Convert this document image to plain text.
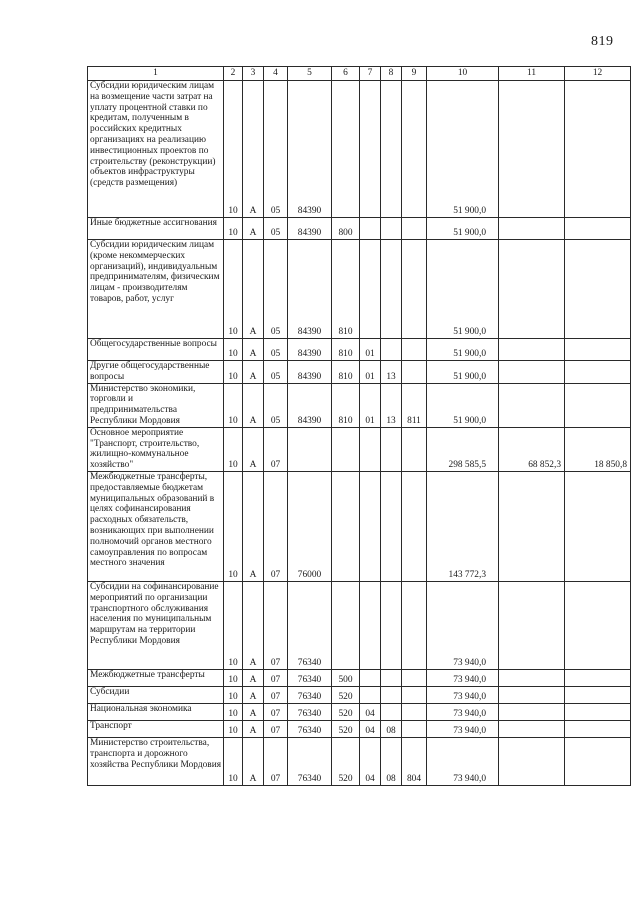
819
1	2	3	4	5	6	7	8	9	10	11	12
Субсидии юридическим лицам на возмещение части затрат на уплату процентной ставки по кредитам, полученным в российских кредитных организациях на реализацию инвестиционных проектов по строительству (реконструкции) объектов инфраструктуры (средств размещения)	10	А	05	84390					51 900,0		
Иные бюджетные ассигнования	10	А	05	84390	800				51 900,0		
Субсидии юридическим лицам (кроме некоммерческих организаций), индивидуальным предпринимателям, физическим лицам - производителям товаров, работ, услуг	10	А	05	84390	810				51 900,0		
Общегосударственные вопросы	10	А	05	84390	810	01			51 900,0		
Другие общегосударственные вопросы	10	А	05	84390	810	01	13		51 900,0		
Министерство экономики, торговли и предпринимательства Республики Мордовия	10	А	05	84390	810	01	13	811	51 900,0		
Основное мероприятие "Транспорт, строительство, жилищно-коммунальное хозяйство"	10	А	07						298 585,5	68 852,3	18 850,8
Межбюджетные трансферты, предоставляемые бюджетам муниципальных образований в целях софинансирования расходных обязательств, возникающих при выполнении полномочий органов местного самоуправления по вопросам местного значения	10	А	07	76000					143 772,3		
Субсидии на софинансирование мероприятий по организации транспортного обслуживания населения по муниципальным маршрутам на территории Республики Мордовия	10	А	07	76340					73 940,0		
Межбюджетные трансферты	10	А	07	76340	500				73 940,0		
Субсидии	10	А	07	76340	520				73 940,0		
Национальная экономика	10	А	07	76340	520	04			73 940,0		
Транспорт	10	А	07	76340	520	04	08		73 940,0		
Министерство строительства, транспорта и дорожного хозяйства Республики Мордовия	10	А	07	76340	520	04	08	804	73 940,0		
